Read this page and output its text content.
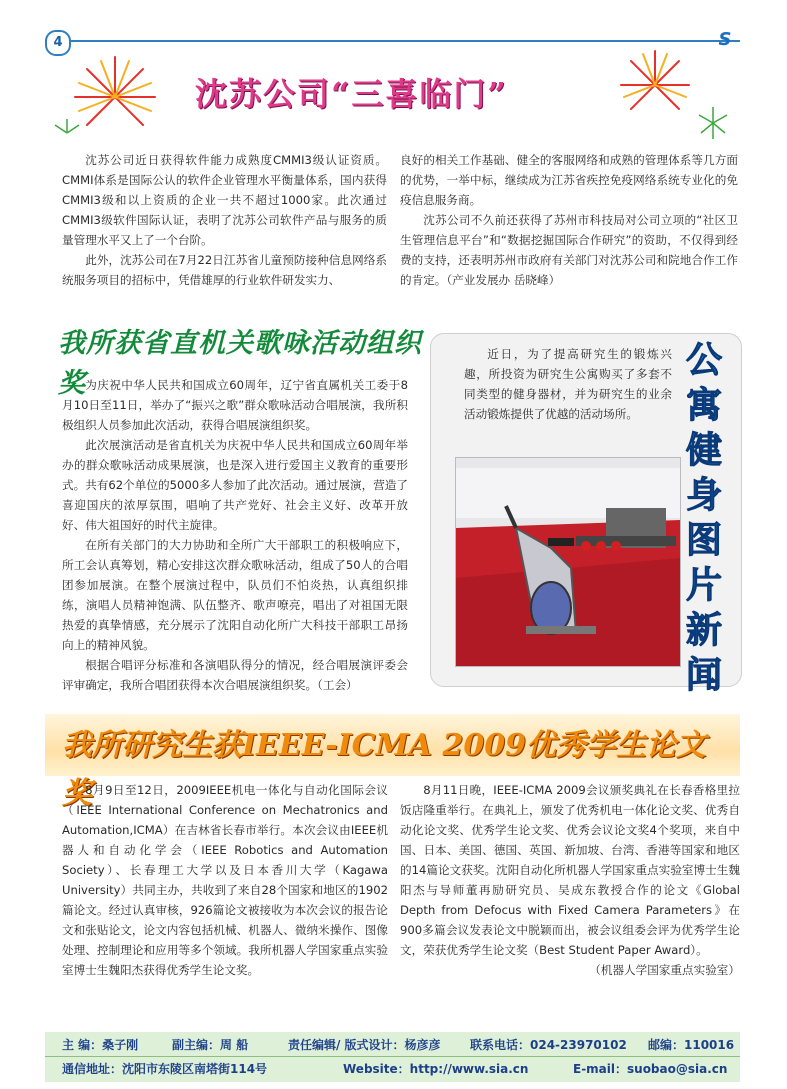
4	S
沈苏公司“三喜临门”

沈苏公司近日获得软件能力成熟度CMMI3级认证资质。CMMI体系是国际公认的软件企业管理水平衡量体系，国内获得CMMI3级和以上资质的企业一共不超过1000家。此次通过CMMI3级软件国际认证，表明了沈苏公司软件产品与服务的质量管理水平又上了一个台阶。

此外，沈苏公司在7月22日江苏省儿童预防接种信息网络系统服务项目的招标中，凭借雄厚的行业软件研发实力、

良好的相关工作基础、健全的客服网络和成熟的管理体系等几方面的优势，一举中标，继续成为江苏省疾控免疫网络系统专业化的免疫信息服务商。

沈苏公司不久前还获得了苏州市科技局对公司立项的“社区卫生管理信息平台”和“数据挖掘国际合作研究”的资助，不仅得到经费的支持，还表明苏州市政府有关部门对沈苏公司和院地合作工作的肯定。（产业发展办 岳晓峰）

我所获省直机关歌咏活动组织奖 为庆祝中华人民共和国成立60周年，辽宁省直属机关工委于8月10日至11日，举办了“振兴之歌”群众歌咏活动合唱展演，我所积极组织人员参加此次活动，获得合唱展演组织奖。

此次展演活动是省直机关为庆祝中华人民共和国成立60周年举办的群众歌咏活动成果展演，也是深入进行爱国主义教育的重要形式。共有62个单位的5000多人参加了此次活动。通过展演，营造了喜迎国庆的浓厚氛围，唱响了共产党好、社会主义好、改革开放好、伟大祖国好的时代主旋律。

在所有关部门的大力协助和全所广大干部职工的积极响应下，所工会认真筹划，精心安排这次群众歌咏活动，组成了50人的合唱团参加展演。在整个展演过程中，队员们不怕炎热，认真组织排练，演唱人员精神饱满、队伍整齐、歌声嘹亮，唱出了对祖国无限热爱的真挚情感，充分展示了沈阳自动化所广大科技干部职工昂扬向上的精神风貌。

根据合唱评分标准和各演唱队得分的情况，经合唱展演评委会评审确定，我所合唱团获得本次合唱展演组织奖。（工会）

近日，为了提高研究生的锻炼兴趣，所投资为研究生公寓购买了多套不同类型的健身器材，并为研究生的业余活动锻炼提供了优越的活动场所。

公
寓
健
身
图
片
新
闻
我所研究生获IEEE-ICMA 2009优秀学生论文奖

8月9日至12日，2009IEEE机电一体化与自动化国际会议（IEEE International Conference on Mechatronics and Automation,ICMA）在吉林省长春市举行。本次会议由IEEE机器人和自动化学会（IEEE Robotics and Automation Society）、长春理工大学以及日本香川大学（Kagawa University）共同主办，共收到了来自28个国家和地区的1902篇论文。经过认真审核，926篇论文被接收为本次会议的报告论文和张贴论文，论文内容包括机械、机器人、微纳米操作、图像处理、控制理论和应用等多个领域。我所机器人学国家重点实验室博士生魏阳杰获得优秀学生论文奖。

8月11日晚，IEEE-ICMA 2009会议颁奖典礼在长春香格里拉饭店隆重举行。在典礼上，颁发了优秀机电一体化论文奖、优秀自动化论文奖、优秀学生论文奖、优秀会议论文奖4个奖项，来自中国、日本、美国、德国、英国、新加坡、台湾、香港等国家和地区的14篇论文获奖。沈阳自动化所机器人学国家重点实验室博士生魏阳杰与导师董再励研究员、吴成东教授合作的论文《Global Depth from Defocus with Fixed Camera Parameters》在900多篇会议发表论文中脱颖而出，被会议组委会评为优秀学生论文，荣获优秀学生论文奖（Best Student Paper Award）。

（机器人学国家重点实验室）

主 编：桑子刚	副主编：周 船	责任编辑/ 版式设计：杨彦彦 联系电话：024-23970102 邮编：110016
通信地址：沈阳市东陵区南塔街114号	Website：http://www.sia.cn	E-mail：suobao@sia.cn
